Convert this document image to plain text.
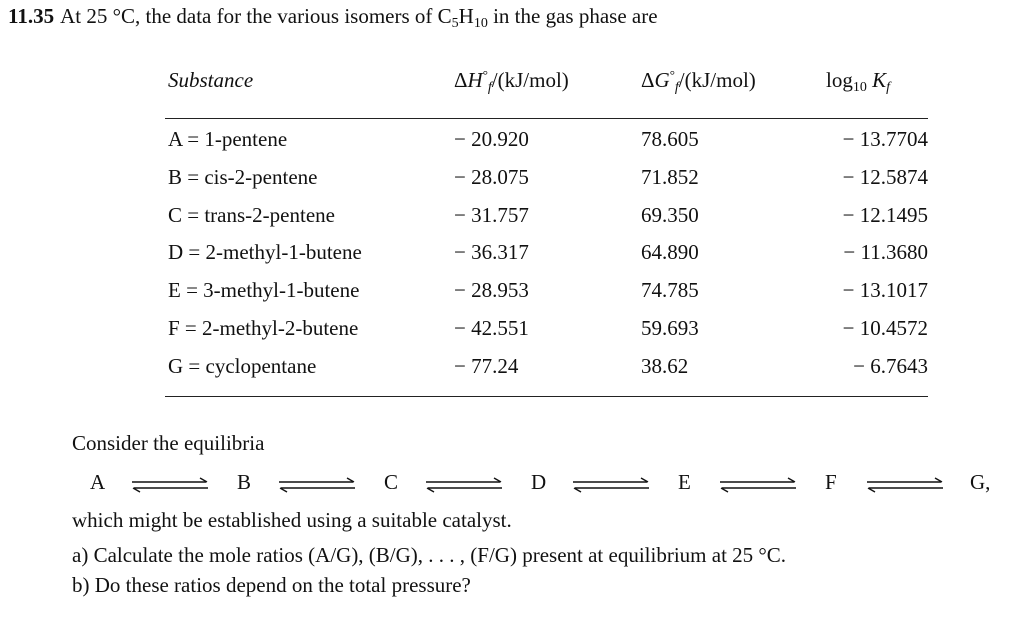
11.35 At 25 °C, the data for the various isomers of $C_5H_{10}$ in the gas phase are
Substance	$\Delta H^\circ_f/(kJ/mol)$	$\Delta G^\circ_f/(kJ/mol)$	$\log_{10} K_f$
A = 1-pentene	− 20.920	78.605	− 13.7704
B = cis-2-pentene	− 28.075	71.852	− 12.5874
C = trans-2-pentene	− 31.757	69.350	− 12.1495
D = 2-methyl-1-butene	− 36.317	64.890	− 11.3680
E = 3-methyl-1-butene	− 28.953	74.785	− 13.1017
F = 2-methyl-2-butene	− 42.551	59.693	− 10.4572
G = cyclopentane	− 77.24	38.62	− 6.7643
Consider the equilibria
A ⇌ B ⇌ C ⇌ D ⇌ E ⇌ F ⇌ G,
which might be established using a suitable catalyst.
a) Calculate the mole ratios (A/G), (B/G), . . . , (F/G) present at equilibrium at 25 °C.
b) Do these ratios depend on the total pressure?
